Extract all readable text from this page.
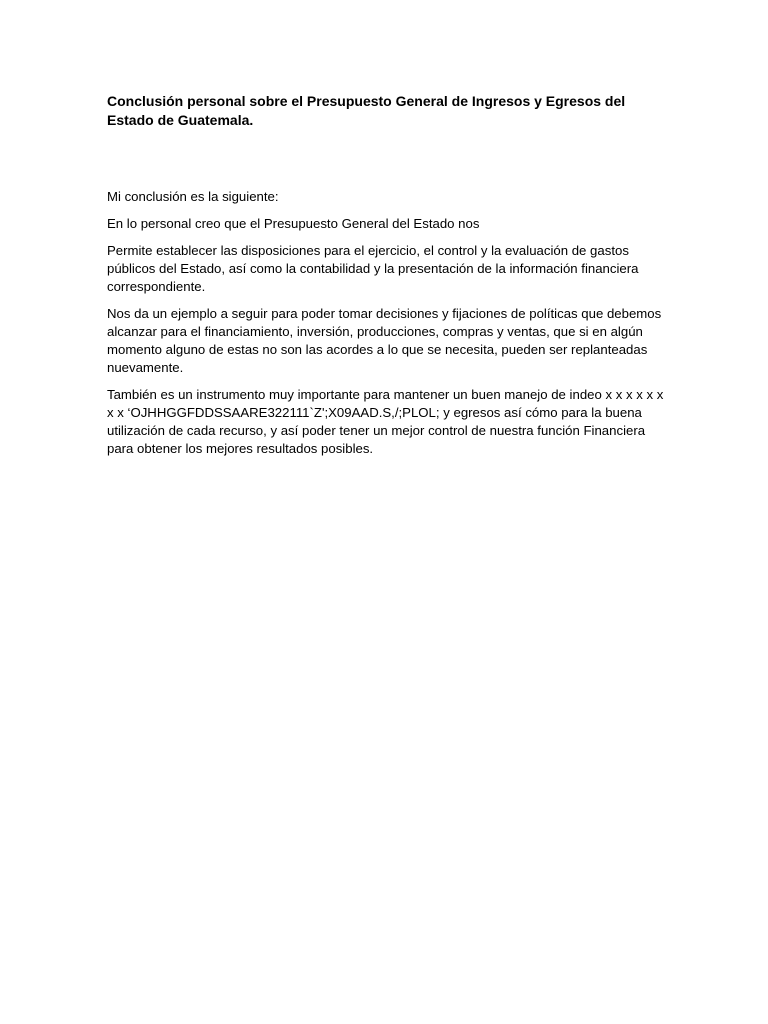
Conclusión personal sobre el Presupuesto General de Ingresos y Egresos del Estado de Guatemala.

Mi conclusión es la siguiente:

En lo personal creo que el Presupuesto General del Estado nos

Permite establecer las disposiciones para el ejercicio, el control y la evaluación de gastos públicos del Estado, así como la contabilidad y la presentación de la información financiera correspondiente.

Nos da un ejemplo a seguir para poder tomar decisiones y fijaciones de políticas que debemos alcanzar para el financiamiento, inversión, producciones, compras y ventas, que si en algún momento alguno de estas no son las acordes a lo que se necesita, pueden ser replanteadas nuevamente.

También es un instrumento muy importante para mantener un buen manejo de indeo x x x x x x x x ‘OJHHGGFDDSSAARE322111`Z';X09AAD.S,/;PLOL; y egresos así cómo para la buena utilización de cada recurso, y así poder tener un mejor control de nuestra función Financiera para obtener los mejores resultados posibles.
